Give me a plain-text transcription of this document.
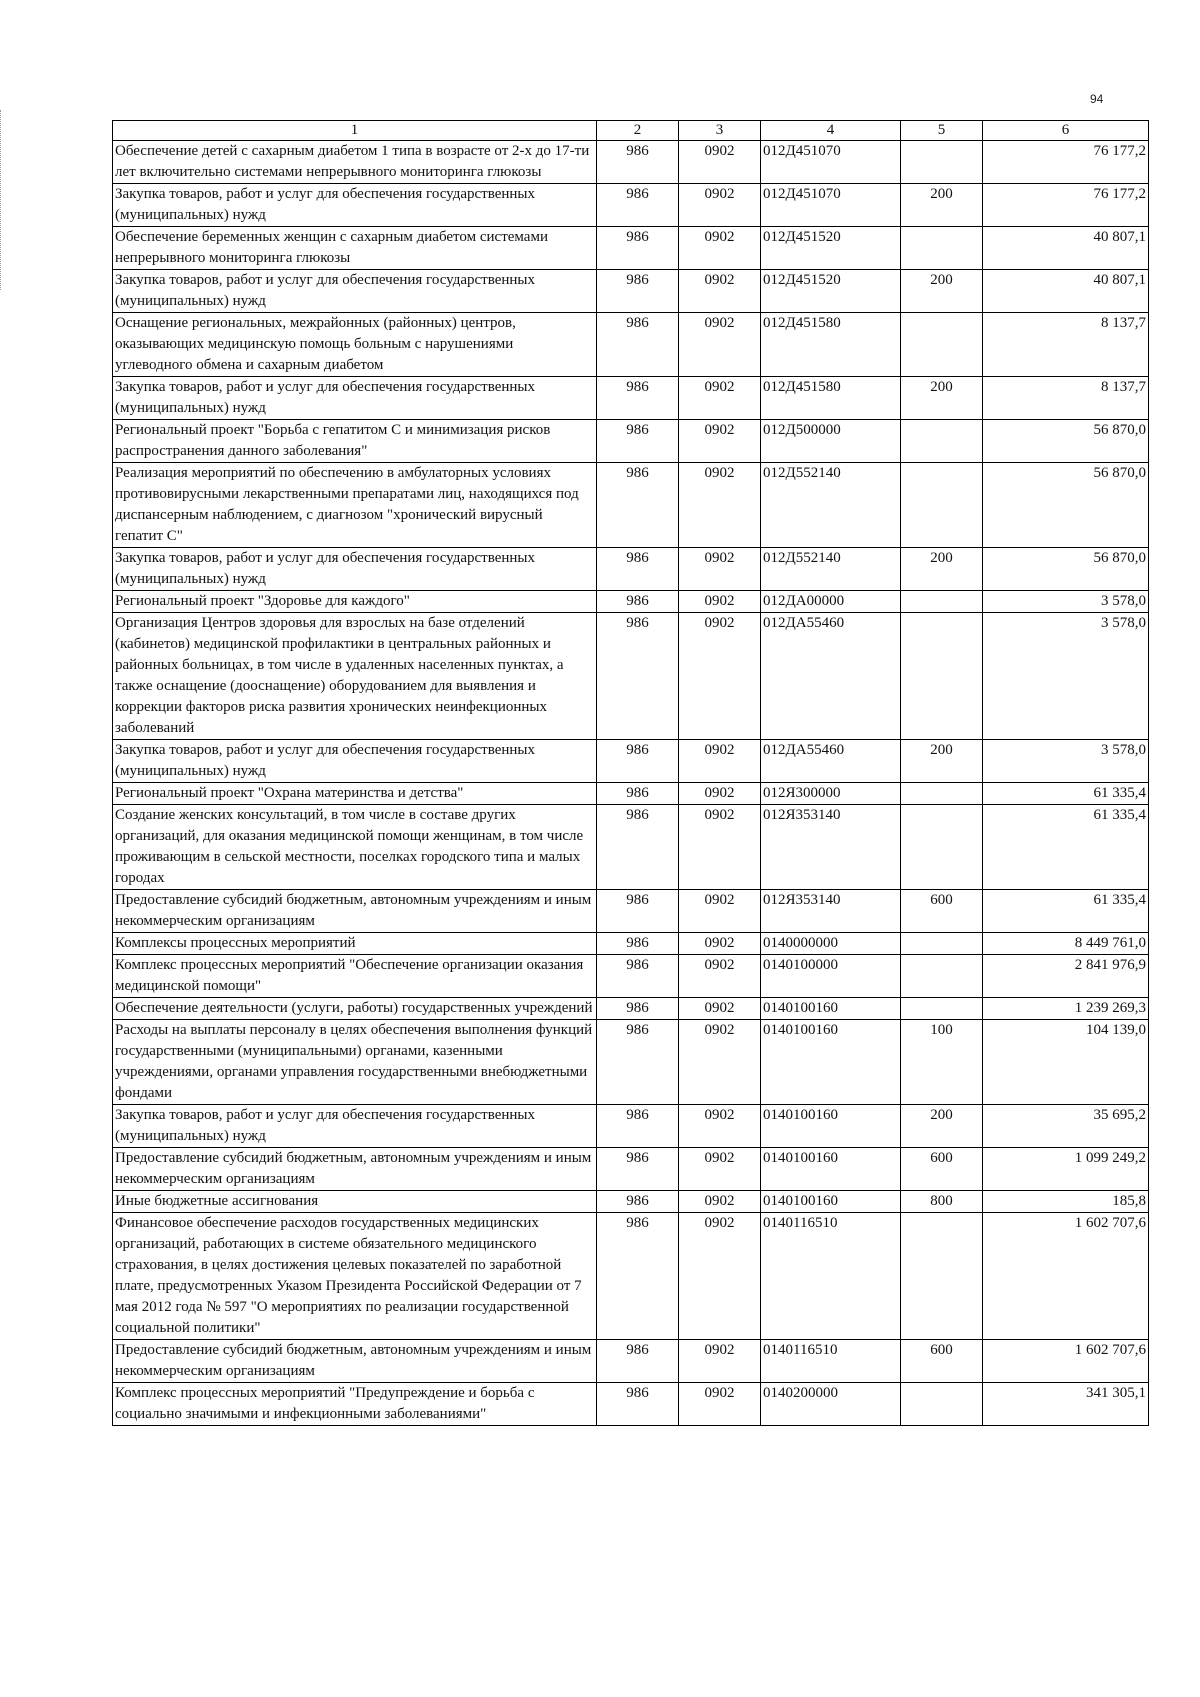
94
1	2	3	4	5	6
Обеспечение детей с сахарным диабетом 1 типа в возрасте от 2-х до 17-ти лет включительно системами непрерывного мониторинга глюкозы	986	0902	012Д451070		76 177,2
Закупка товаров, работ и услуг для обеспечения государственных (муниципальных) нужд	986	0902	012Д451070	200	76 177,2
Обеспечение беременных женщин с сахарным диабетом системами непрерывного мониторинга глюкозы	986	0902	012Д451520		40 807,1
Закупка товаров, работ и услуг для обеспечения государственных (муниципальных) нужд	986	0902	012Д451520	200	40 807,1
Оснащение региональных, межрайонных (районных) центров, оказывающих медицинскую помощь больным с нарушениями углеводного обмена и сахарным диабетом	986	0902	012Д451580		8 137,7
Закупка товаров, работ и услуг для обеспечения государственных (муниципальных) нужд	986	0902	012Д451580	200	8 137,7
Региональный проект "Борьба с гепатитом С и минимизация рисков распространения данного заболевания"	986	0902	012Д500000		56 870,0
Реализация мероприятий по обеспечению в амбулаторных условиях противовирусными лекарственными препаратами лиц, находящихся под диспансерным наблюдением, с диагнозом "хронический вирусный гепатит С"	986	0902	012Д552140		56 870,0
Закупка товаров, работ и услуг для обеспечения государственных (муниципальных) нужд	986	0902	012Д552140	200	56 870,0
Региональный проект "Здоровье для каждого"	986	0902	012ДА00000		3 578,0
Организация Центров здоровья для взрослых на базе отделений (кабинетов) медицинской профилактики в центральных районных и районных больницах, в том числе в удаленных населенных пунктах, а также оснащение (дооснащение) оборудованием для выявления и коррекции факторов риска развития хронических неинфекционных заболеваний	986	0902	012ДА55460		3 578,0
Закупка товаров, работ и услуг для обеспечения государственных (муниципальных) нужд	986	0902	012ДА55460	200	3 578,0
Региональный проект "Охрана материнства и детства"	986	0902	012Я300000		61 335,4
Создание женских консультаций, в том числе в составе других организаций, для оказания медицинской помощи женщинам, в том числе проживающим в сельской местности, поселках городского типа и малых городах	986	0902	012Я353140		61 335,4
Предоставление субсидий бюджетным, автономным учреждениям и иным некоммерческим организациям	986	0902	012Я353140	600	61 335,4
Комплексы процессных мероприятий	986	0902	0140000000		8 449 761,0
Комплекс процессных мероприятий "Обеспечение организации оказания медицинской помощи"	986	0902	0140100000		2 841 976,9
Обеспечение деятельности (услуги, работы) государственных учреждений	986	0902	0140100160		1 239 269,3
Расходы на выплаты персоналу в целях обеспечения выполнения функций государственными (муниципальными) органами, казенными учреждениями, органами управления государственными внебюджетными фондами	986	0902	0140100160	100	104 139,0
Закупка товаров, работ и услуг для обеспечения государственных (муниципальных) нужд	986	0902	0140100160	200	35 695,2
Предоставление субсидий бюджетным, автономным учреждениям и иным некоммерческим организациям	986	0902	0140100160	600	1 099 249,2
Иные бюджетные ассигнования	986	0902	0140100160	800	185,8
Финансовое обеспечение расходов государственных медицинских организаций, работающих в системе обязательного медицинского страхования, в целях достижения целевых показателей по заработной плате, предусмотренных Указом Президента Российской Федерации от 7 мая 2012 года № 597 "О мероприятиях по реализации государственной социальной политики"	986	0902	0140116510		1 602 707,6
Предоставление субсидий бюджетным, автономным учреждениям и иным некоммерческим организациям	986	0902	0140116510	600	1 602 707,6
Комплекс процессных мероприятий "Предупреждение и борьба с социально значимыми и инфекционными заболеваниями"	986	0902	0140200000		341 305,1
